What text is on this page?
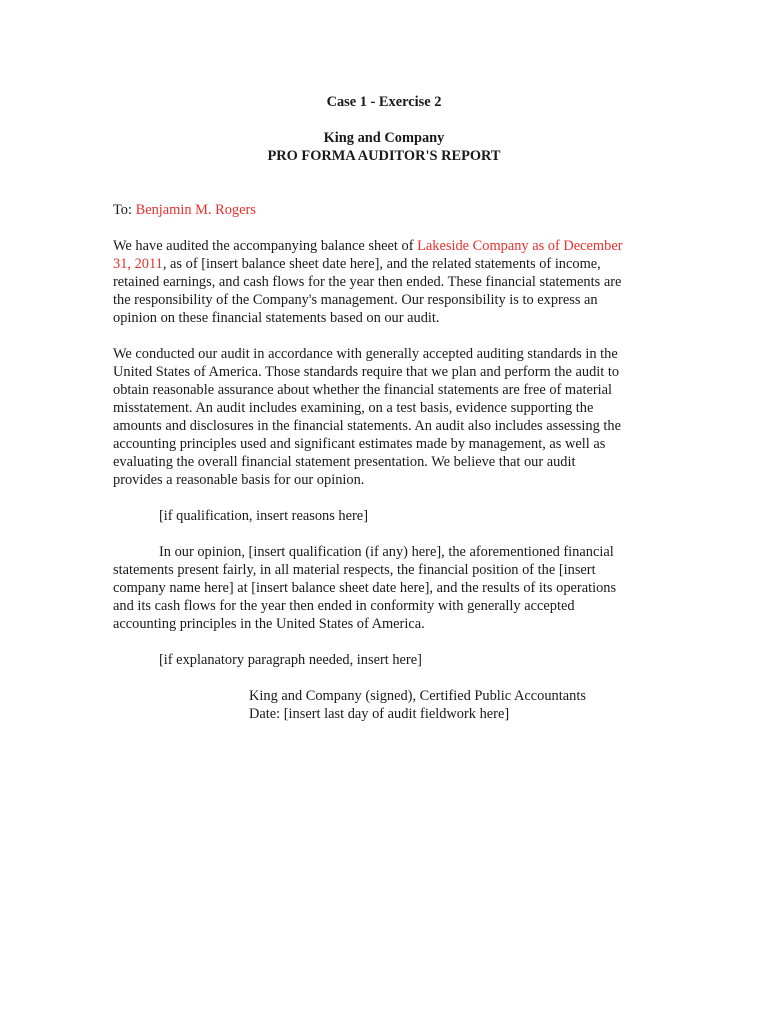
Case 1 - Exercise 2
King and Company
PRO FORMA AUDITOR'S REPORT
To: Benjamin M. Rogers
We have audited the accompanying balance sheet of Lakeside Company as of December
31, 2011, as of [insert balance sheet date here], and the related statements of income,
retained earnings, and cash flows for the year then ended. These financial statements are
the responsibility of the Company's management. Our responsibility is to express an
opinion on these financial statements based on our audit.
We conducted our audit in accordance with generally accepted auditing standards in the
United States of America. Those standards require that we plan and perform the audit to
obtain reasonable assurance about whether the financial statements are free of material
misstatement. An audit includes examining, on a test basis, evidence supporting the
amounts and disclosures in the financial statements. An audit also includes assessing the
accounting principles used and significant estimates made by management, as well as
evaluating the overall financial statement presentation. We believe that our audit
provides a reasonable basis for our opinion.
[if qualification, insert reasons here]
In our opinion, [insert qualification (if any) here], the aforementioned financial
statements present fairly, in all material respects, the financial position of the [insert
company name here] at [insert balance sheet date here], and the results of its operations
and its cash flows for the year then ended in conformity with generally accepted
accounting principles in the United States of America.
[if explanatory paragraph needed, insert here]
King and Company (signed), Certified Public Accountants
Date: [insert last day of audit fieldwork here]
